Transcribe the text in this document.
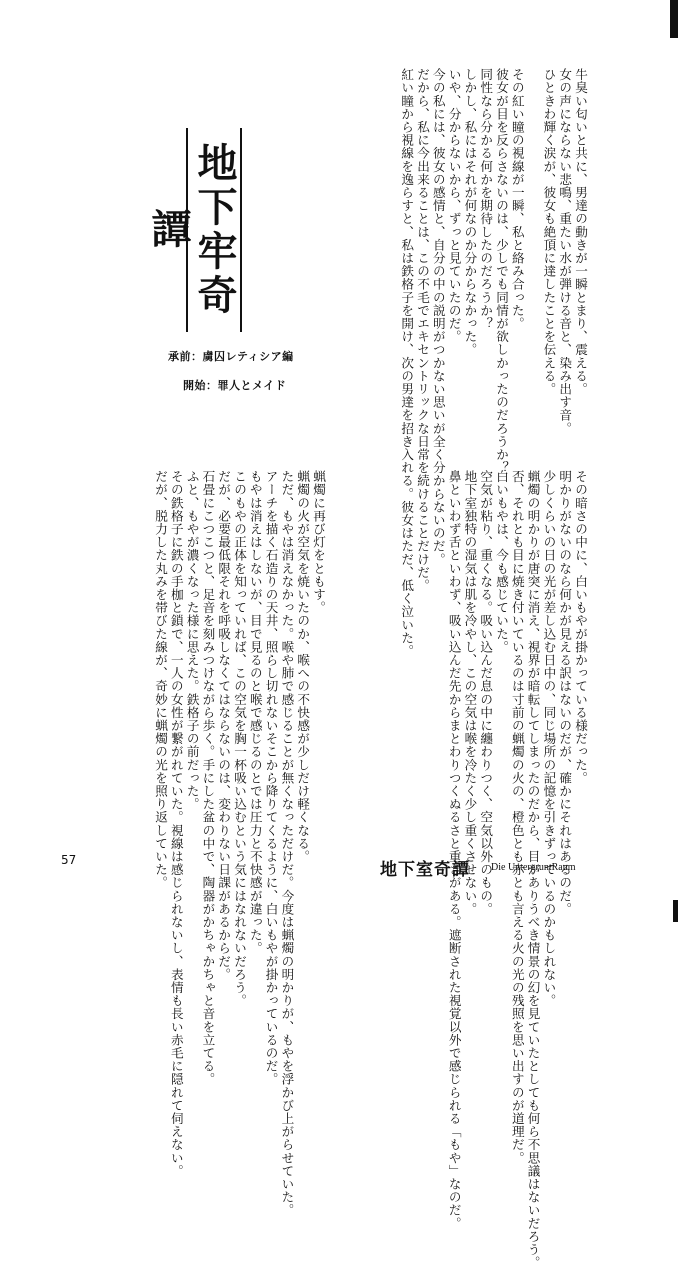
牛臭い匂いと共に、男達の動きが一瞬とまり、震える。
女の声にならない悲鳴、重たい水が弾ける音と、染み出す音。
ひときわ輝く涙が、彼女も絶頂に達したことを伝える。

その紅い瞳の視線が一瞬、私と絡み合った。
彼女が目を反らさないのは、少しでも同情が欲しかったのだろうか？
同性なら分かる何かを期待したのだろうか？
しかし、私にはそれが何なのか分からなかった。
いや、分からないから、ずっと見ていたのだ。
今の私には、彼女の感情と、自分の中の説明がつかない思いが全く分からないのだ。
だから、私に今出来ることは、この不毛でエキセントリックな日常を続けることだけだ。
紅い瞳から視線を逸らすと、私は鉄格子を開け、次の男達を招き入れる。彼女はただ、低く泣いた。

地下牢奇譚
承前：虜囚レティシア編
開始：罪人とメイド

その暗さの中に、白いもやが掛かっている様だった。
明かりがないのなら何かが見える訳はないのだが、確かにそれはあるのだ。
少しくらいの日の光が差し込む日中の、同じ場所の記憶を引きずっているのかもしれない。
蝋燭の明かりが唐突に消え、視界が暗転してしまったのだから、目がありうべき情景の幻を見ていたとしても何ら不思議はないだろう。
否、それとも目に焼き付いているのは寸前の蝋燭の火の、橙色とも赤とも言える火の光の残照を思い出すのが道理だ。
白いもやは、今も感じていた。
空気が粘り、重くなる。吸い込んだ息の中に纏わりつく、空気以外のもの。
地下室独特の湿気は肌を冷やし、この空気は喉を冷たく少し重くさせない。
鼻といわず舌といわず、吸い込んだ先からまとわりつくぬるさと重さがある。遮断された視覚以外で感じられる「もや」なのだ。

蝋燭に再び灯をともす。
蝋燭の火が空気を焼いたのか、喉への不快感が少しだけ軽くなる。
ただ、もやは消えなかった。喉や肺で感じることが無くなっただけだ。今度は蝋燭の明かりが、もやを浮かび上がらせていた。
アーチを描く石造りの天井、照らし切れないそこから降りてくるように、白いもやが掛かっているのだ。
もやは消えはしないが、目で見るのと喉で感じるのとでは圧力と不快感が違った。
このもやの正体を知っていれば、この空気を胸一杯吸い込むという気にはなれないだろう。
だが、必要最低限それを呼吸しなくてはならないのは、変わりない日課があるからだ。
石畳にこつこつと、足音を刻みつけながら歩く。手にした盆の中で、陶器がかちゃかちゃと音を立てる。
ふと、もやが濃くなった様に思えた。鉄格子の前だった。
その鉄格子に鉄の手枷と鎖で、一人の女性が繋がれていた。視線は感じられないし、表情も長い赤毛に隠れて伺えない。
だが、脱力した丸みを帯びた線が、奇妙に蝋燭の光を照り返していた。

57	地下室奇譚 Die UntergruntRaum
